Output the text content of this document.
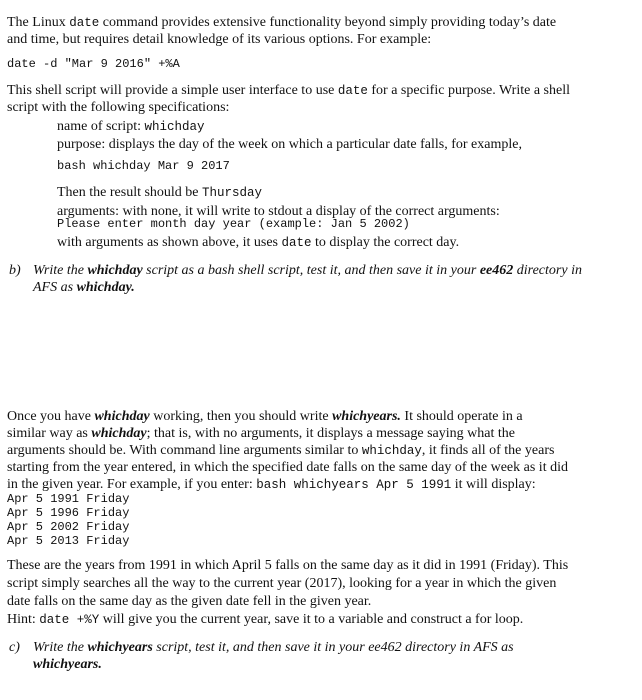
The Linux date command provides extensive functionality beyond simply providing today’s date
and time, but requires detail knowledge of its various options. For example:
date -d "Mar 9 2016" +%A
This shell script will provide a simple user interface to use date for a specific purpose. Write a shell
script with the following specifications:
name of script: whichday
purpose: displays the day of the week on which a particular date falls, for example,
bash whichday Mar 9 2017
Then the result should be Thursday
arguments: with none, it will write to stdout a display of the correct arguments:
Please enter month day year (example: Jan 5 2002)
with arguments as shown above, it uses date to display the correct day.
b) Write the whichday script as a bash shell script, test it, and then save it in your ee462 directory in
AFS as whichday.
Once you have whichday working, then you should write whichyears. It should operate in a
similar way as whichday; that is, with no arguments, it displays a message saying what the
arguments should be. With command line arguments similar to whichday, it finds all of the years
starting from the year entered, in which the specified date falls on the same day of the week as it did
in the given year. For example, if you enter: bash whichyears Apr 5 1991 it will display:
Apr 5 1991 Friday
Apr 5 1996 Friday
Apr 5 2002 Friday
Apr 5 2013 Friday
These are the years from 1991 in which April 5 falls on the same day as it did in 1991 (Friday). This
script simply searches all the way to the current year (2017), looking for a year in which the given
date falls on the same day as the given date fell in the given year.
Hint: date +%Y will give you the current year, save it to a variable and construct a for loop.
c) Write the whichyears script, test it, and then save it in your ee462 directory in AFS as
whichyears.
